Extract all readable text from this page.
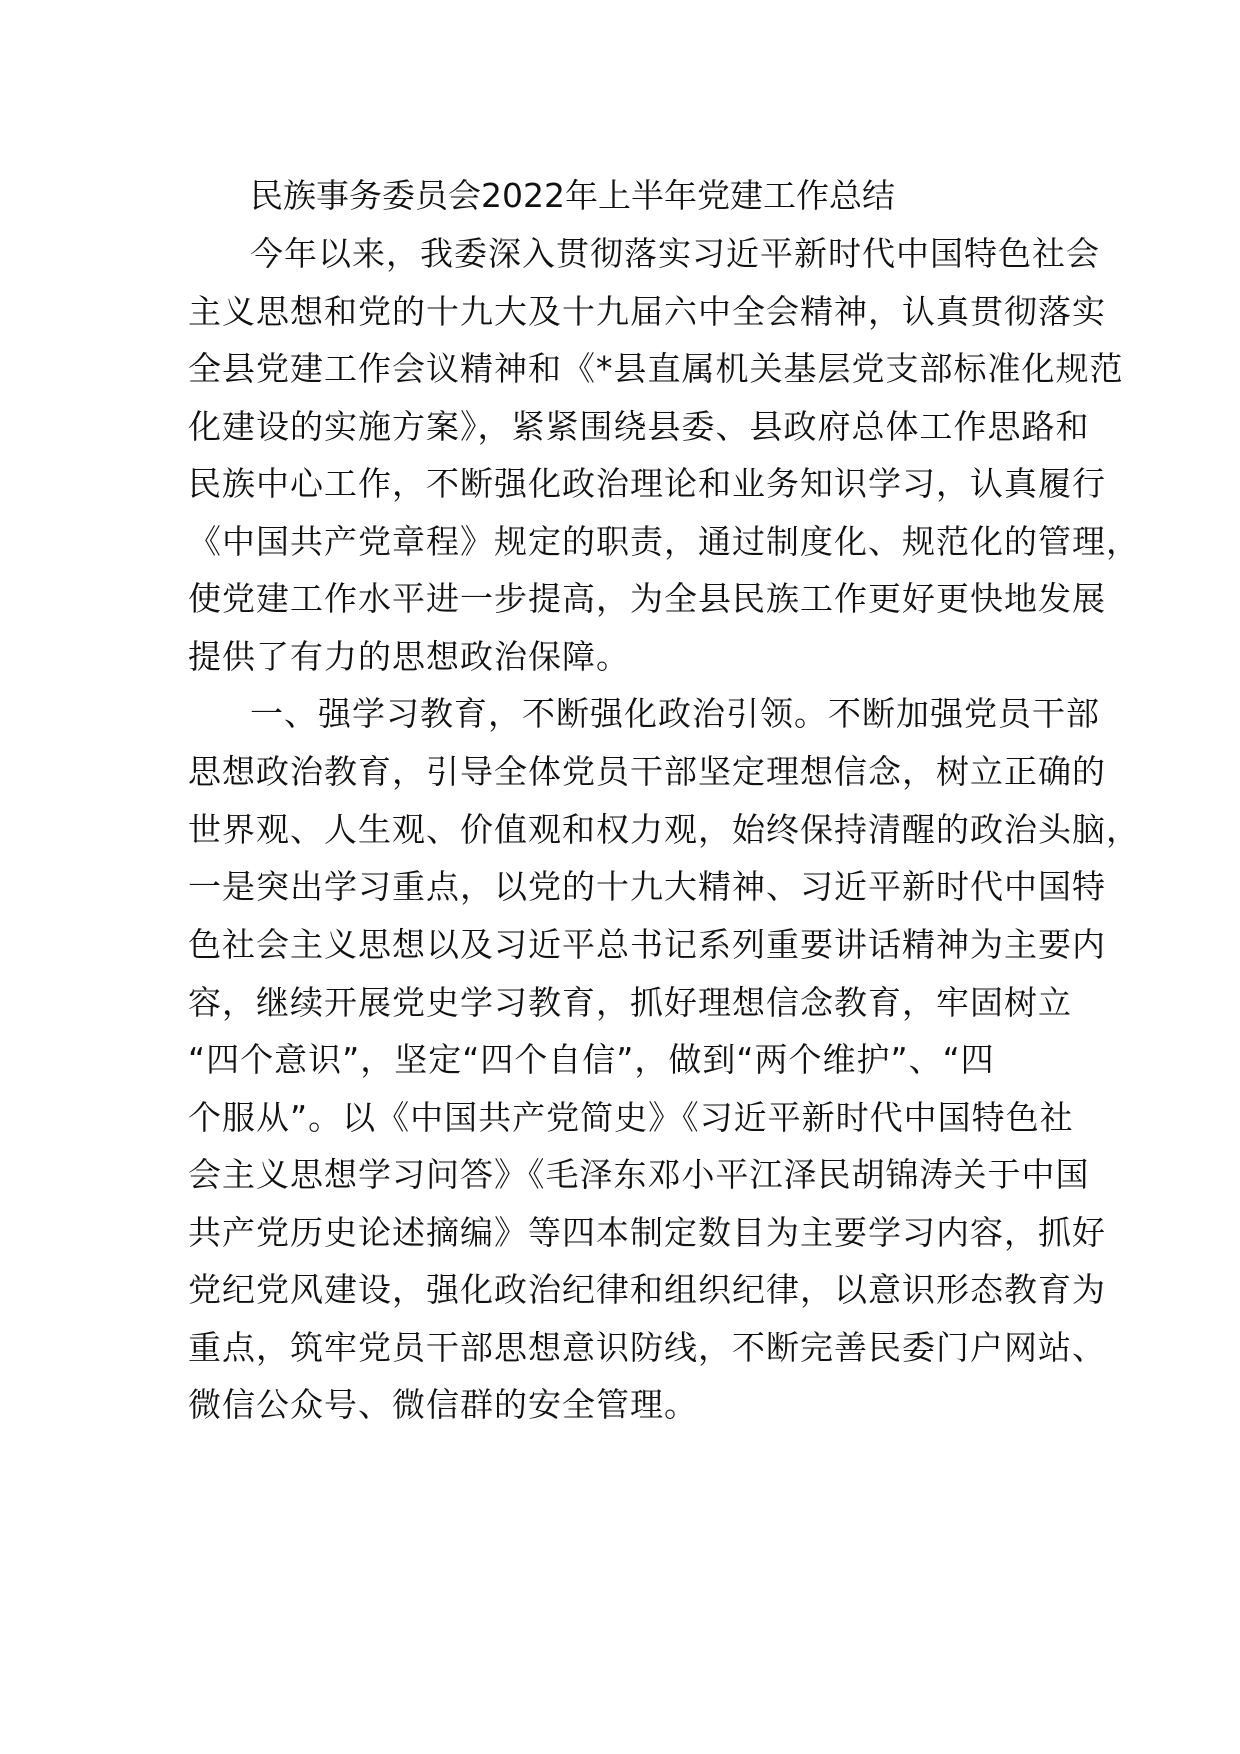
民族事务委员会2022年上半年党建工作总结
今年以来，我委深入贯彻落实习近平新时代中国特色社会
主义思想和党的十九大及十九届六中全会精神，认真贯彻落实
全县党建工作会议精神和《*县直属机关基层党支部标准化规范
化建设的实施方案》，紧紧围绕县委、县政府总体工作思路和
民族中心工作，不断强化政治理论和业务知识学习，认真履行
《中国共产党章程》规定的职责，通过制度化、规范化的管理，
使党建工作水平进一步提高，为全县民族工作更好更快地发展
提供了有力的思想政治保障。
一、强学习教育，不断强化政治引领。不断加强党员干部
思想政治教育，引导全体党员干部坚定理想信念，树立正确的
世界观、人生观、价值观和权力观，始终保持清醒的政治头脑，
一是突出学习重点，以党的十九大精神、习近平新时代中国特
色社会主义思想以及习近平总书记系列重要讲话精神为主要内
容，继续开展党史学习教育，抓好理想信念教育，牢固树立
“四个意识”，坚定“四个自信”，做到“两个维护”、“四
个服从”。以《中国共产党简史》《习近平新时代中国特色社
会主义思想学习问答》《毛泽东邓小平江泽民胡锦涛关于中国
共产党历史论述摘编》等四本制定数目为主要学习内容，抓好
党纪党风建设，强化政治纪律和组织纪律，以意识形态教育为
重点，筑牢党员干部思想意识防线，不断完善民委门户网站、
微信公众号、微信群的安全管理。
